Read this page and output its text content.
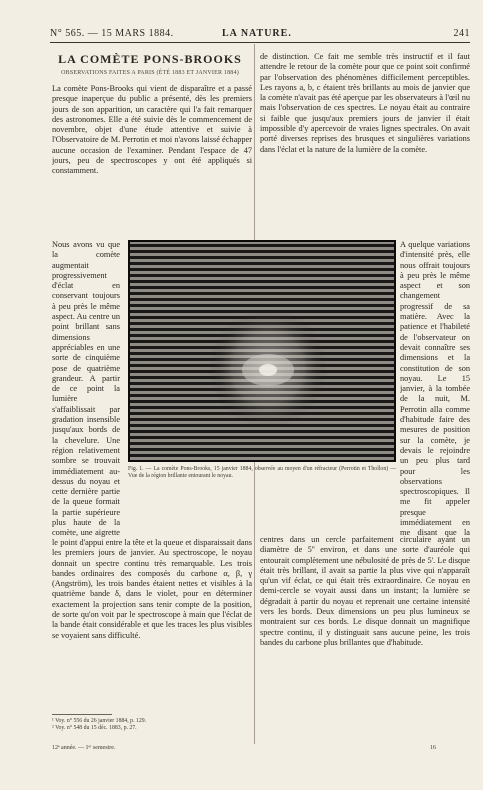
N° 565. — 15 MARS 1884.	LA NATURE.	241
LA COMÈTE PONS-BROOKS
OBSERVATIONS FAITES A PARIS (ÉTÉ 1883 ET JANVIER 1884)
La comète Pons-Brooks qui vient de disparaître et a passé presque inaperçue du public a présenté, dès les premiers jours de son apparition, un caractère qui l'a fait remarquer des astronomes. Elle a été suivie dès le commencement de novembre, objet d'une étude attentive et suivie à l'Observatoire de M. Perrotin et moi n'avons laissé échapper aucune occasion de l'examiner. Pendant l'espace de 47 jours, peu de spectroscopes y ont été appliqués si constamment.
Nous avons vu que la comète augmentait progressivement d'éclat en conservant toujours à peu près le même aspect. Au centre un point brillant sans dimensions appréciables en une sorte de cinquième pose de quatrième grandeur. A partir de ce point la lumière s'affaiblissait par gradation insensible jusqu'aux bords de la chevelure. Une région relativement sombre se trouvait immédiatement au-dessus du noyau et cette dernière partie de la queue formait la partie supérieure plus haute de la comète, une aigrette
de distinction. Ce fait me semble très instructif et il faut attendre le retour de la comète pour que ce point soit confirmé par l'observation des phénomènes difficilement perceptibles. Les rayons a, b, c étaient très brillants au mois de janvier que la comète n'avait pas été aperçue par les observateurs à l'œil nu mais l'observation de ces spectres. Le noyau était au contraire si faible que jusqu'aux premiers jours de janvier il était impossible d'y apercevoir de vraies lignes spectrales. On avait porté diverses reprises des brusques et singulières variations dans l'éclat et la nature de la lumière de la comète.
A quelque variations d'intensité près, elle nous offrait toujours à peu près le même aspect et son changement progressif de sa matière. Avec la patience et l'habileté de l'observateur on devait connaître ses dimensions et la constitution de son noyau. Le 15 janvier, à la tombée de la nuit, M. Perrotin alla comme d'habitude faire des mesures de position sur la comète, je devais le rejoindre un peu plus tard pour les observations spectroscopiques. Il me fit appeler presque immédiatement en me disant que la
Fig. 1. — La comète Pons-Brooks, 15 janvier 1884, observée au moyen d'un réfracteur (Perrotin et Thollon) — Vue de la région brillante entourant le noyau.
le point d'appui entre la tête et la queue et disparaissait dans les premiers jours de janvier. Au spectroscope, le noyau donnait un spectre continu très remarquable. Les trois bandes ordinaires des composés du carbone α, β, γ (Angström), les trois bandes étaient nettes et visibles à la quatrième bande δ, dans le violet, pour en déterminer exactement la projection sans tenir compte de la position, de sorte qu'on voit par le spectroscope à main que l'éclat de la bande était considérable et que les traces les plus visibles se voyaient sans difficulté.
centres dans un cercle parfaitement circulaire ayant un diamètre de 5'' environ, et dans une sorte d'auréole qui entourait complètement une nébulosité de près de 5'. Le disque était très brillant, il avait sa partie la plus vive qui n'apparaît qu'un vif éclat, ce qui était très extraordinaire. Ce noyau en demi-cercle se voyait aussi dans un instant; la lumière se dégradait à partir du noyau et reprenait une certaine intensité vers les bords. Deux dimensions un peu plus lumineux se montraient sur ces bords. Le disque donnait un magnifique spectre continu, il y distinguait sans aucune peine, les trois bandes du carbone plus brillantes que d'habitude.
¹ Voy. n° 556 du 26 janvier 1884, p. 129.
² Voy. n° 548 du 15 déc. 1883, p. 27.
12ᵉ année. — 1ᵉʳ semestre.	16
